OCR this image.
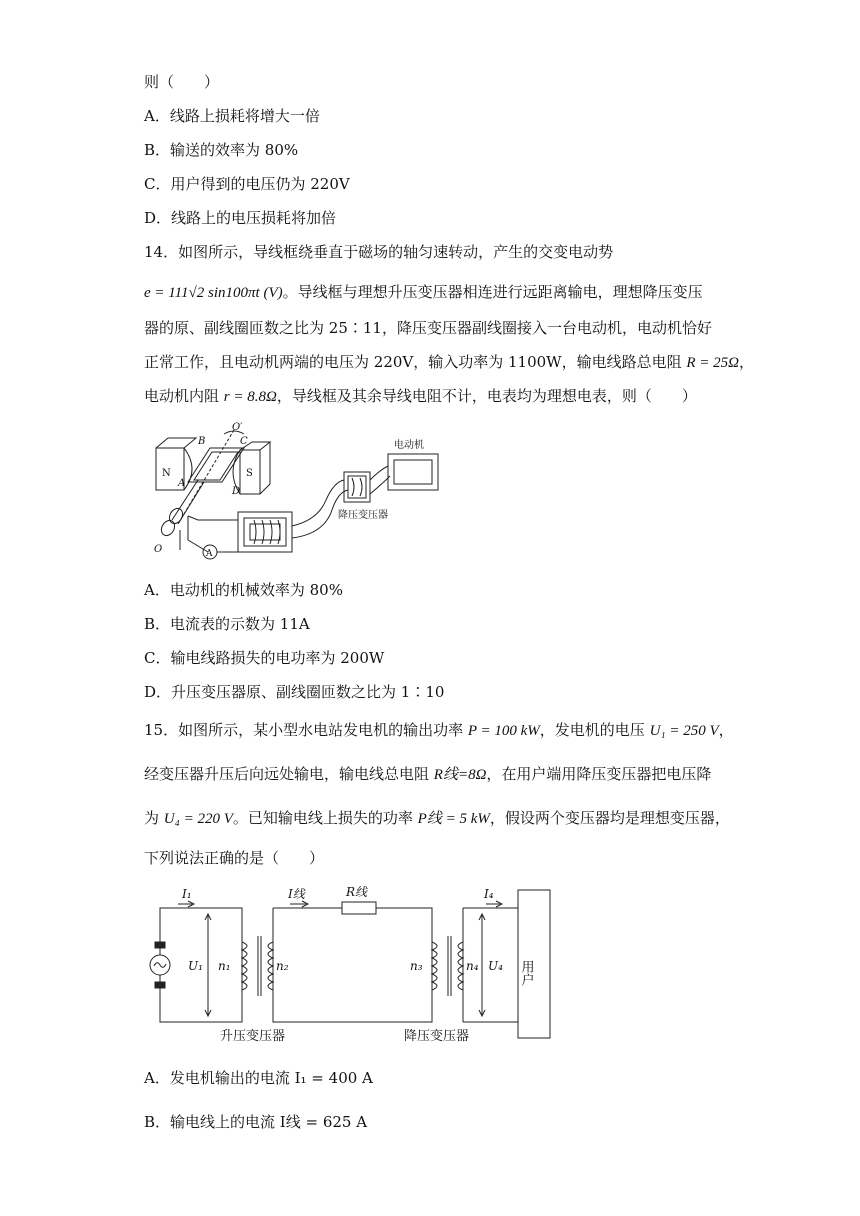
则（　　）
A．线路上损耗将增大一倍
B．输送的效率为 80%
C．用户得到的电压仍为 220V
D．线路上的电压损耗将加倍
14．如图所示，导线框绕垂直于磁场的轴匀速转动，产生的交变电动势
e = 111√2 sin100πt (V)。导线框与理想升压变压器相连进行远距离输电，理想降压变压
器的原、副线圈匝数之比为 25∶11，降压变压器副线圈接入一台电动机，电动机恰好
正常工作，且电动机两端的电压为 220V，输入功率为 1100W，输电线路总电阻 R = 25Ω，
电动机内阻 r = 8.8Ω，导线框及其余导线电阻不计，电表均为理想电表，则（　　）
N	S
A
B	C
D
O
O′
A
电动机
降压变压器
A．电动机的机械效率为 80%
B．电流表的示数为 11A
C．输电线路损失的电功率为 200W
D．升压变压器原、副线圈匝数之比为 1∶10
15．如图所示，某小型水电站发电机的输出功率 P = 100 kW，发电机的电压 U₁ = 250 V，
经变压器升压后向远处输电，输电线总电阻 R线=8Ω，在用户端用降压变压器把电压降
为 U₄ = 220 V。已知输电线上损失的功率 P线 = 5 kW，假设两个变压器均是理想变压器，
下列说法正确的是（　　）
I₁	I线	R线	I₄
U₁ n₁	n₂	n₃	n₄ U₄ 用户
升压变压器	降压变压器
A．发电机输出的电流 I₁ = 400 A
B．输电线上的电流 I线 = 625 A
